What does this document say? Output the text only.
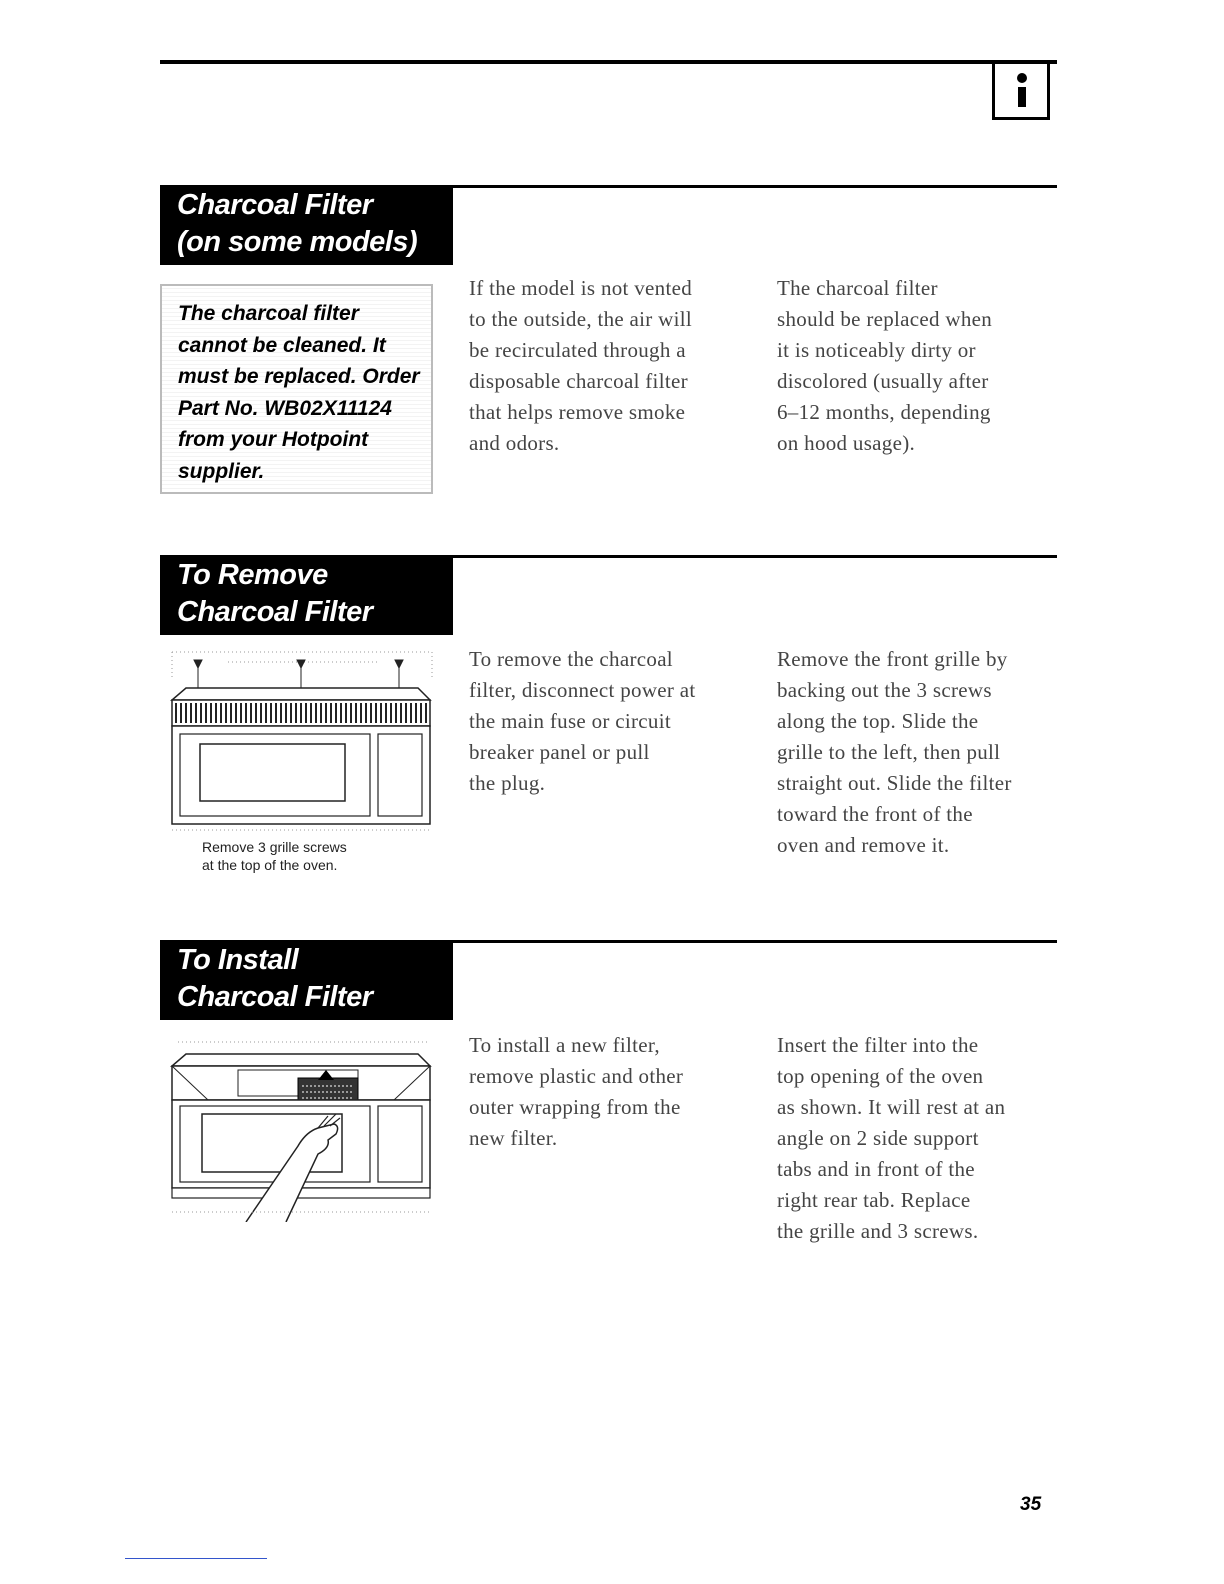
Charcoal Filter
(on some models)
The charcoal filter
cannot be cleaned. It
must be replaced. Order
Part No. WB02X11124
from your Hotpoint
supplier.
If the model is not vented
to the outside, the air will
be recirculated through a
disposable charcoal filter
that helps remove smoke
and odors.
The charcoal filter
should be replaced when
it is noticeably dirty or
discolored (usually after
6–12 months, depending
on hood usage).
To Remove
Charcoal Filter
Remove 3 grille screws
at the top of the oven.
To remove the charcoal
filter, disconnect power at
the main fuse or circuit
breaker panel or pull
the plug.
Remove the front grille by
backing out the 3 screws
along the top. Slide the
grille to the left, then pull
straight out. Slide the filter
toward the front of the
oven and remove it.
To Install
Charcoal Filter
To install a new filter,
remove plastic and other
outer wrapping from the
new filter.
Insert the filter into the
top opening of the oven
as shown. It will rest at an
angle on 2 side support
tabs and in front of the
right rear tab. Replace
the grille and 3 screws.
35
